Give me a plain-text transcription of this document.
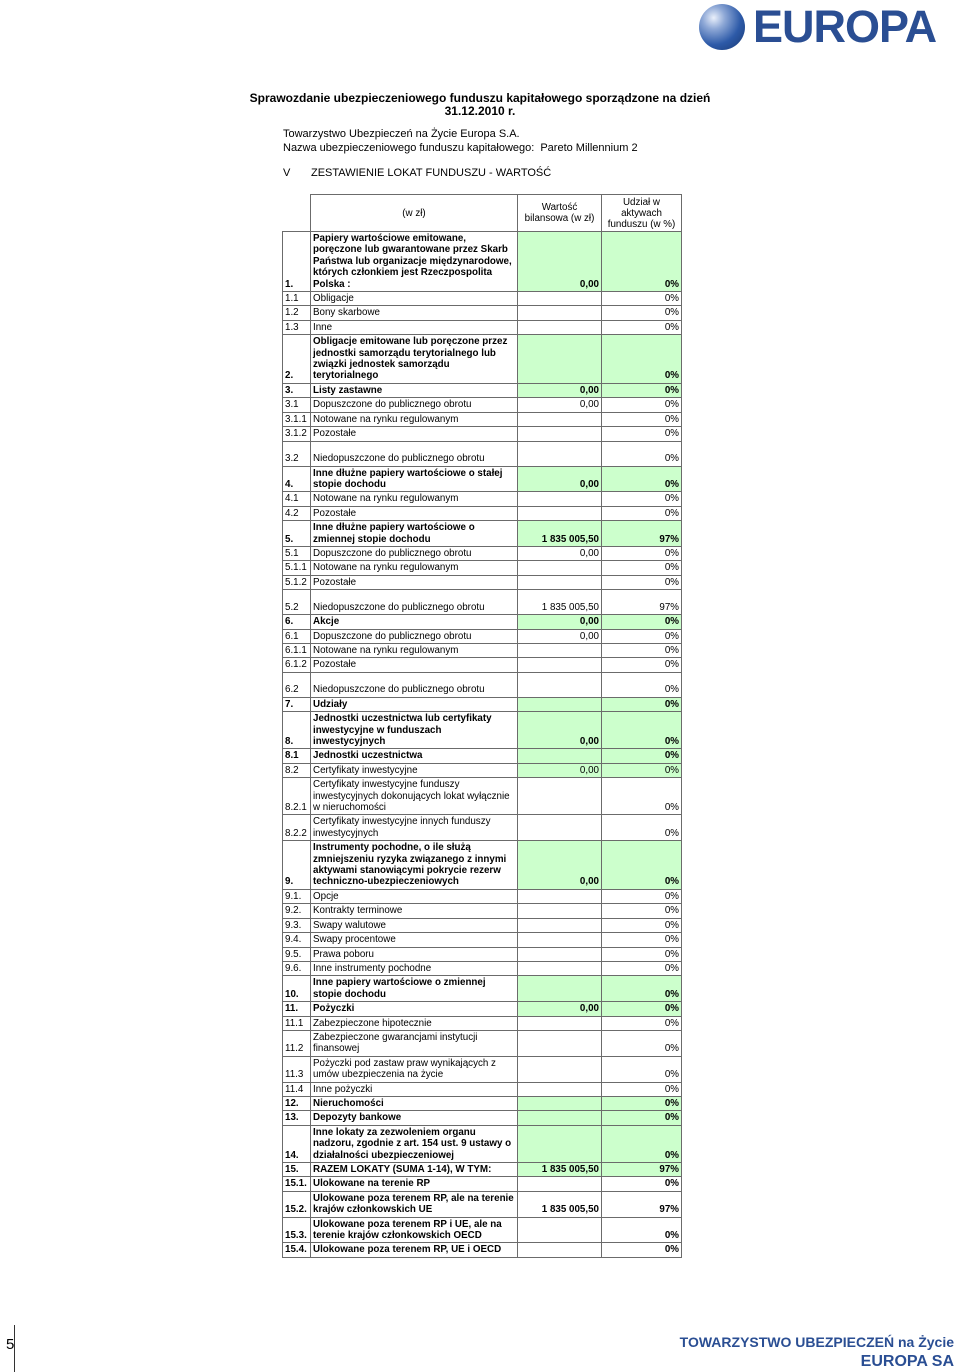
EUROPA
Sprawozdanie ubezpieczeniowego funduszu kapitałowego sporządzone na dzień
31.12.2010 r.
Towarzystwo Ubezpieczeń na Życie Europa S.A.
Nazwa ubezpieczeniowego funduszu kapitałowego: Pareto Millennium 2
V ZESTAWIENIE LOKAT FUNDUSZU - WARTOŚĆ
	(w zł)	Wartość bilansowa (w zł)	Udział w aktywach funduszu (w %)
1.	Papiery wartościowe emitowane, poręczone lub gwarantowane przez Skarb Państwa lub organizacje międzynarodowe, których członkiem jest Rzeczpospolita Polska :	0,00	0%
1.1	Obligacje		0%
1.2	Bony skarbowe		0%
1.3	Inne		0%
2.	Obligacje emitowane lub poręczone przez jednostki samorządu terytorialnego lub związki jednostek samorządu terytorialnego		0%
3.	Listy zastawne	0,00	0%
3.1	Dopuszczone do publicznego obrotu	0,00	0%
3.1.1	Notowane na rynku regulowanym		0%
3.1.2	Pozostałe		0%
3.2	Niedopuszczone do publicznego obrotu		0%
4.	Inne dłużne papiery wartościowe o stałej stopie dochodu	0,00	0%
4.1	Notowane na rynku regulowanym		0%
4.2	Pozostałe		0%
5.	Inne dłużne papiery wartościowe o zmiennej stopie dochodu	1 835 005,50	97%
5.1	Dopuszczone do publicznego obrotu	0,00	0%
5.1.1	Notowane na rynku regulowanym		0%
5.1.2	Pozostałe		0%
5.2	Niedopuszczone do publicznego obrotu	1 835 005,50	97%
6.	Akcje	0,00	0%
6.1	Dopuszczone do publicznego obrotu	0,00	0%
6.1.1	Notowane na rynku regulowanym		0%
6.1.2	Pozostałe		0%
6.2	Niedopuszczone do publicznego obrotu		0%
7.	Udziały		0%
8.	Jednostki uczestnictwa lub certyfikaty inwestycyjne w funduszach inwestycyjnych	0,00	0%
8.1	Jednostki uczestnictwa		0%
8.2	Certyfikaty inwestycyjne	0,00	0%
8.2.1	Certyfikaty inwestycyjne funduszy inwestycyjnych dokonujących lokat wyłącznie w nieruchomości		0%
8.2.2	Certyfikaty inwestycyjne innych funduszy inwestycyjnych		0%
9.	Instrumenty pochodne, o ile służą zmniejszeniu ryzyka związanego z innymi aktywami stanowiącymi pokrycie rezerw techniczno-ubezpieczeniowych	0,00	0%
9.1.	Opcje		0%
9.2.	Kontrakty terminowe		0%
9.3.	Swapy walutowe		0%
9.4.	Swapy procentowe		0%
9.5.	Prawa poboru		0%
9.6.	Inne instrumenty pochodne		0%
10.	Inne papiery wartościowe o zmiennej stopie dochodu		0%
11.	Pożyczki	0,00	0%
11.1	Zabezpieczone hipotecznie		0%
11.2	Zabezpieczone gwarancjami instytucji finansowej		0%
11.3	Pożyczki pod zastaw praw wynikających z umów ubezpieczenia na życie		0%
11.4	Inne pożyczki		0%
12.	Nieruchomości		0%
13.	Depozyty bankowe		0%
14.	Inne lokaty za zezwoleniem organu nadzoru, zgodnie z art. 154 ust. 9 ustawy o działalności ubezpieczeniowej		0%
15.	RAZEM LOKATY (SUMA 1-14), W TYM:	1 835 005,50	97%
15.1.	Ulokowane na terenie RP		0%
15.2.	Ulokowane poza terenem RP, ale na terenie krajów członkowskich UE	1 835 005,50	97%
15.3.	Ulokowane poza terenem RP i UE, ale na terenie krajów członkowskich OECD		0%
15.4.	Ulokowane poza terenem RP, UE i OECD		0%
5	TOWARZYSTWO UBEZPIECZEŃ na Życie
EUROPA SA
